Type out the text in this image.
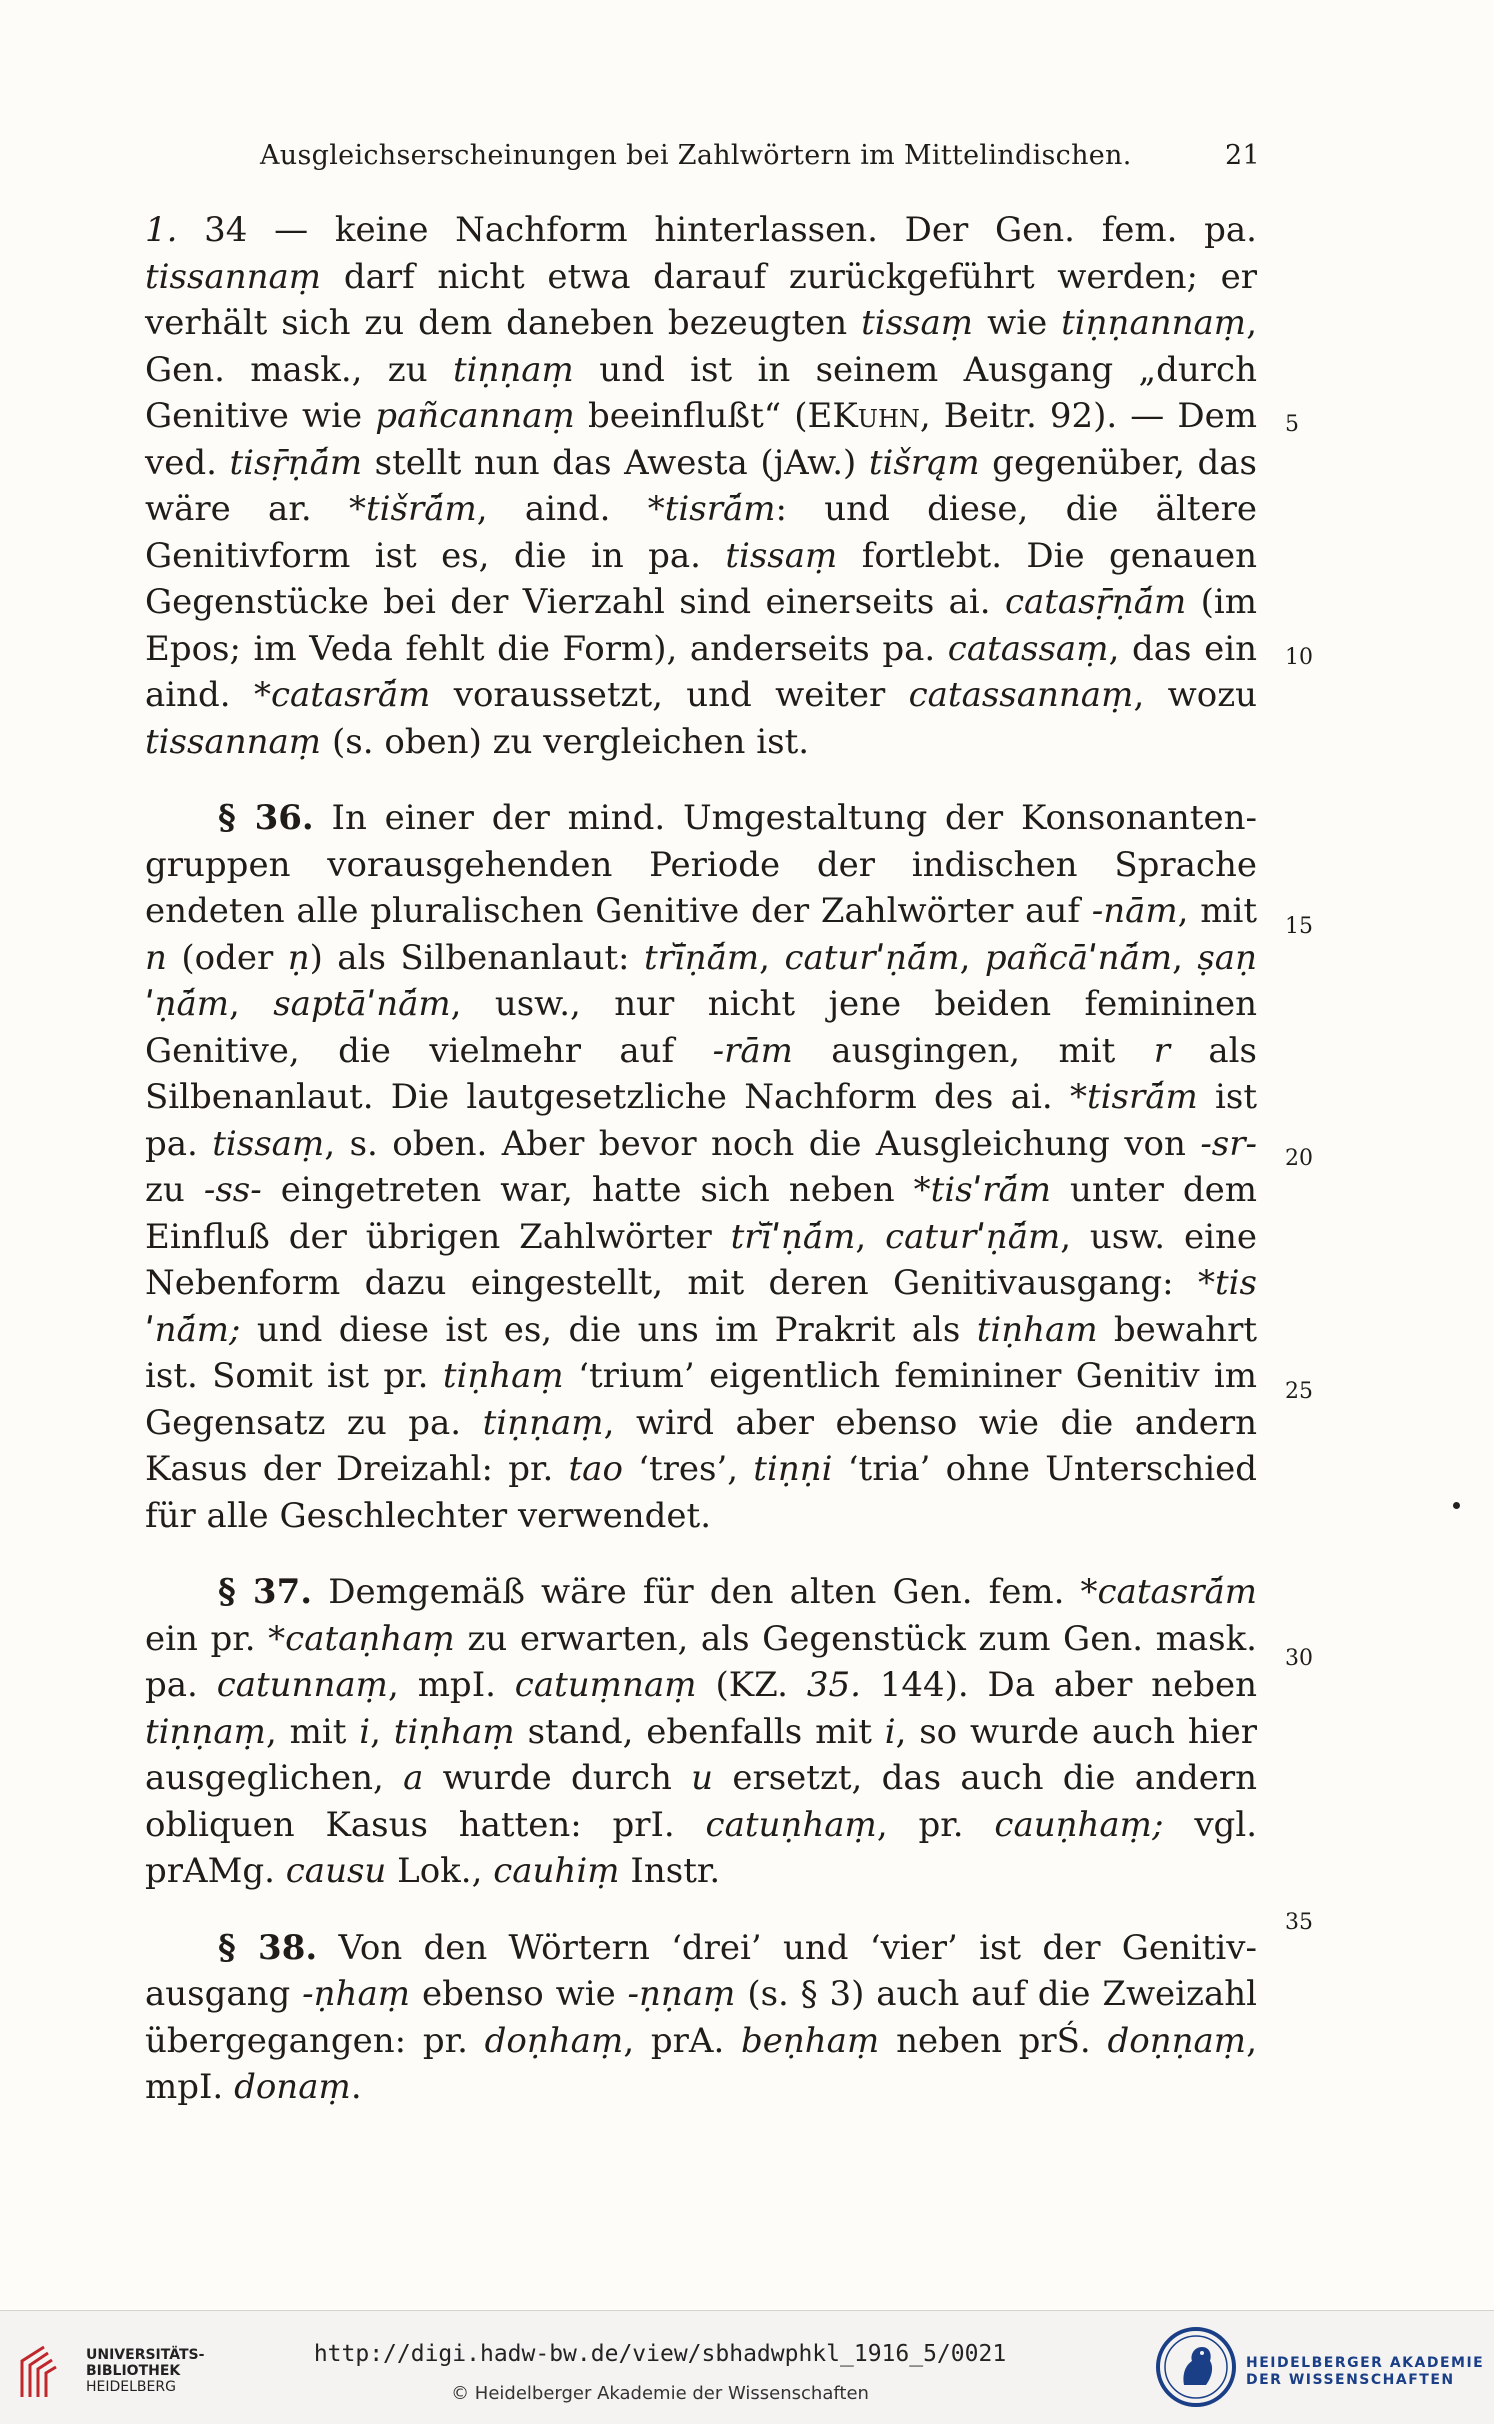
Ausgleichserscheinungen bei Zahlwörtern im Mittelindischen.	21

1. 34 — keine Nachform hinterlassen. Der Gen. fem. pa. tissannaṃ darf nicht etwa darauf zurückgeführt werden; er verhält sich zu dem daneben bezeugten tissaṃ wie tiṇṇannaṃ, Gen. mask., zu tiṇṇaṃ und ist in seinem Ausgang „durch Genitive wie pañcannaṃ beeinflußt“ (EKuhn, Beitr. 92). — Dem ved. tisṝṇā́m stellt nun das Awesta (jAw.) tišrąm gegenüber, das wäre ar. *tišrā́m, aind. *tisrā́m: und diese, die ältere Genitivform ist es, die in pa. tissaṃ fortlebt. Die genauen Gegenstücke bei der Vierzahl sind einerseits ai. catasṝṇā́m (im Epos; im Veda fehlt die Form), anderseits pa. catassaṃ, das ein aind. *catasrā́m voraussetzt, und weiter catassannaṃ, wozu tissannaṃ (s. oben) zu vergleichen ist.

§ 36. In einer der mind. Umgestaltung der Konsonantengruppen vorausgehenden Periode der indischen Sprache endeten alle pluralischen Genitive der Zahlwörter auf -nām, mit n (oder ṇ) als Silbenanlaut: trī̆ṇā́m, caturˈṇā́m, pañcāˈnā́m, ṣaṇˈṇā́m, saptāˈnā́m, usw., nur nicht jene beiden femininen Genitive, die vielmehr auf -rām ausgingen, mit r als Silbenanlaut. Die lautgesetzliche Nachform des ai. *tisrā́m ist pa. tissaṃ, s. oben. Aber bevor noch die Ausgleichung von -sr- zu -ss- eingetreten war, hatte sich neben *tisˈrā́m unter dem Einfluß der übrigen Zahlwörter trī̆ˈṇā́m, caturˈṇā́m, usw. eine Nebenform dazu eingestellt, mit deren Genitivausgang: *tisˈnā́m; und diese ist es, die uns im Prakrit als tiṇham bewahrt ist. Somit ist pr. tiṇhaṃ ‘trium’ eigentlich femininer Genitiv im Gegensatz zu pa. tiṇṇaṃ, wird aber ebenso wie die andern Kasus der Dreizahl: pr. tao ‘tres’, tiṇṇi ‘tria’ ohne Unterschied für alle Geschlechter verwendet.

§ 37. Demgemäß wäre für den alten Gen. fem. *catasrā́m ein pr. *cataṇhaṃ zu erwarten, als Gegenstück zum Gen. mask. pa. catunnaṃ, mpI. catuṃnaṃ (KZ. 35. 144). Da aber neben tiṇṇaṃ, mit i, tiṇhaṃ stand, ebenfalls mit i, so wurde auch hier ausgeglichen, a wurde durch u ersetzt, das auch die andern obliquen Kasus hatten: prI. catuṇhaṃ, pr. cauṇhaṃ; vgl. prAMg. causu Lok., cauhiṃ Instr.

§ 38. Von den Wörtern ‘drei’ und ‘vier’ ist der Genitivausgang -ṇhaṃ ebenso wie -ṇṇaṃ (s. § 3) auch auf die Zweizahl übergegangen: pr. doṇhaṃ, prA. beṇhaṃ neben prŚ. doṇṇaṃ, mpI. donaṃ.

5
10
15
20
25
30
35
UNIVERSITÄTS-
BIBLIOTHEK
HEIDELBERG
http://digi.hadw-bw.de/view/sbhadwphkl_1916_5/0021
© Heidelberger Akademie der Wissenschaften
HEIDELBERGER AKADEMIE
DER WISSENSCHAFTEN
